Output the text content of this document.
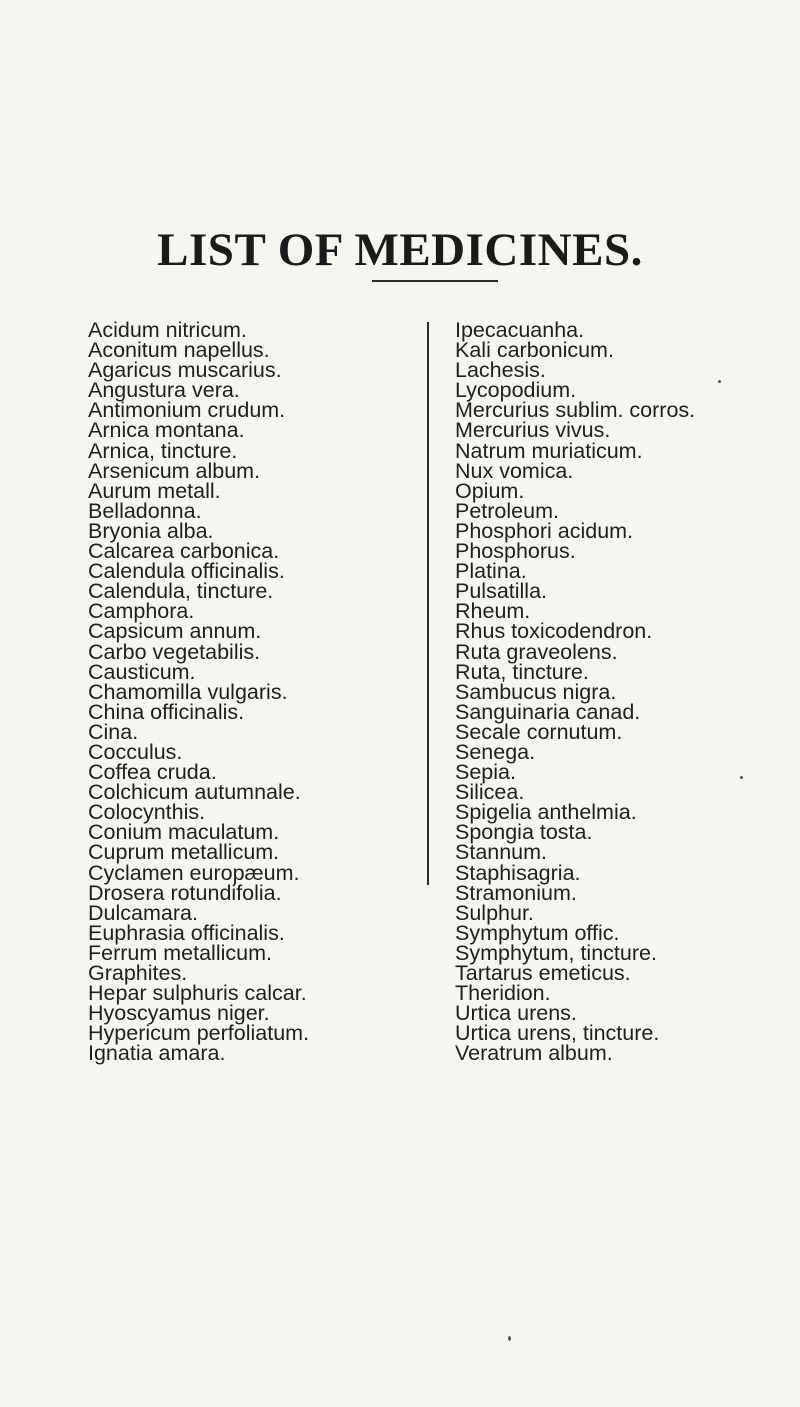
LIST OF MEDICINES.
Acidum nitricum.
Aconitum napellus.
Agaricus muscarius.
Angustura vera.
Antimonium crudum.
Arnica montana.
Arnica, tincture.
Arsenicum album.
Aurum metall.
Belladonna.
Bryonia alba.
Calcarea carbonica.
Calendula officinalis.
Calendula, tincture.
Camphora.
Capsicum annum.
Carbo vegetabilis.
Causticum.
Chamomilla vulgaris.
China officinalis.
Cina.
Cocculus.
Coffea cruda.
Colchicum autumnale.
Colocynthis.
Conium maculatum.
Cuprum metallicum.
Cyclamen europæum.
Drosera rotundifolia.
Dulcamara.
Euphrasia officinalis.
Ferrum metallicum.
Graphites.
Hepar sulphuris calcar.
Hyoscyamus niger.
Hypericum perfoliatum.
Ignatia amara.
Ipecacuanha.
Kali carbonicum.
Lachesis.
Lycopodium.
Mercurius sublim. corros.
Mercurius vivus.
Natrum muriaticum.
Nux vomica.
Opium.
Petroleum.
Phosphori acidum.
Phosphorus.
Platina.
Pulsatilla.
Rheum.
Rhus toxicodendron.
Ruta graveolens.
Ruta, tincture.
Sambucus nigra.
Sanguinaria canad.
Secale cornutum.
Senega.
Sepia.
Silicea.
Spigelia anthelmia.
Spongia tosta.
Stannum.
Staphisagria.
Stramonium.
Sulphur.
Symphytum offic.
Symphytum, tincture.
Tartarus emeticus.
Theridion.
Urtica urens.
Urtica urens, tincture.
Veratrum album.
